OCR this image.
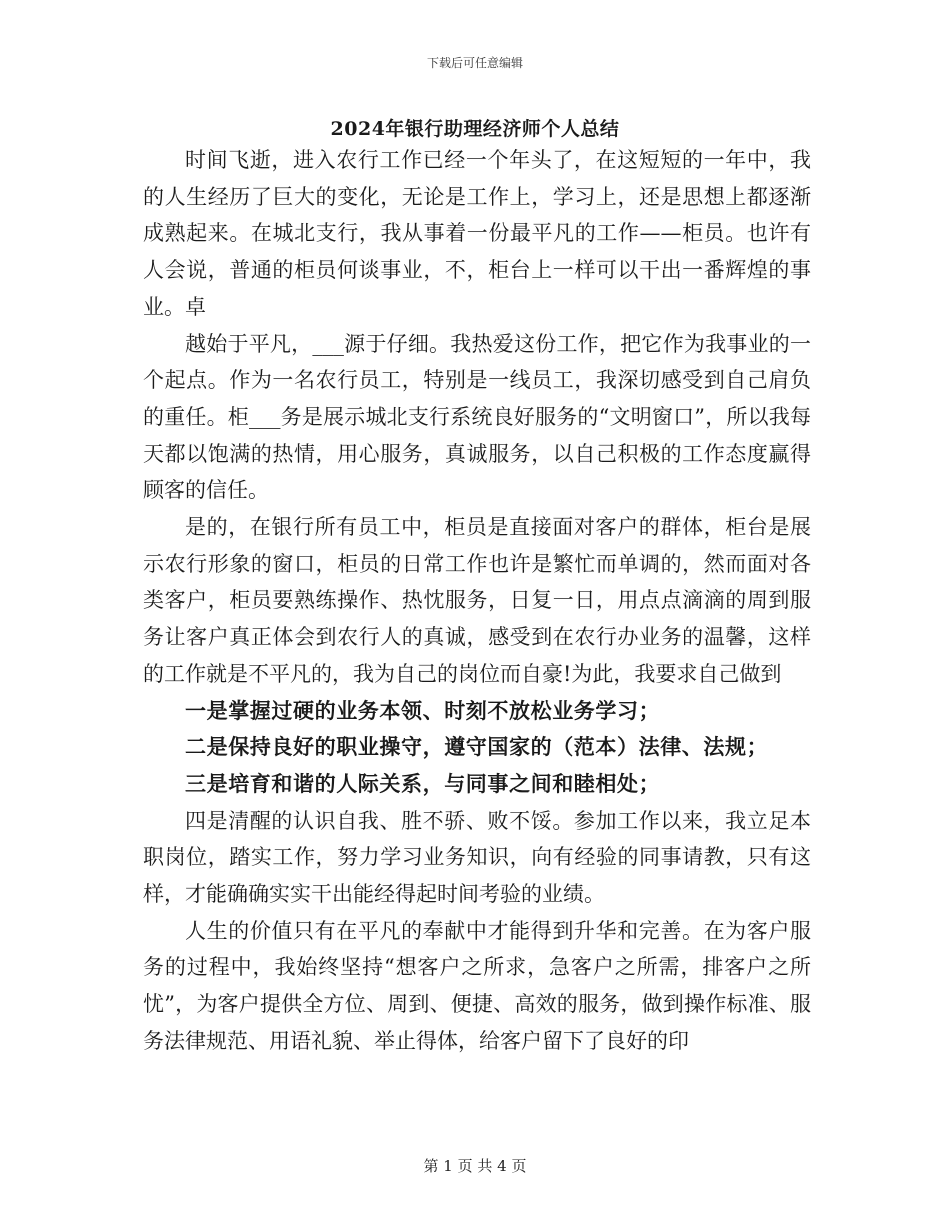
下载后可任意编辑
2024年银行助理经济师个人总结

时间飞逝，进入农行工作已经一个年头了，在这短短的一年中，我的人生经历了巨大的变化，无论是工作上，学习上，还是思想上都逐渐成熟起来。在城北支行，我从事着一份最平凡的工作——柜员。也许有人会说，普通的柜员何谈事业，不，柜台上一样可以干出一番辉煌的事业。卓

越始于平凡，___源于仔细。我热爱这份工作，把它作为我事业的一个起点。作为一名农行员工，特别是一线员工，我深切感受到自己肩负的重任。柜___务是展示城北支行系统良好服务的“文明窗口”，所以我每天都以饱满的热情，用心服务，真诚服务，以自己积极的工作态度赢得顾客的信任。

是的，在银行所有员工中，柜员是直接面对客户的群体，柜台是展示农行形象的窗口，柜员的日常工作也许是繁忙而单调的，然而面对各类客户，柜员要熟练操作、热忱服务，日复一日，用点点滴滴的周到服务让客户真正体会到农行人的真诚，感受到在农行办业务的温馨，这样的工作就是不平凡的，我为自己的岗位而自豪!为此，我要求自己做到

一是掌握过硬的业务本领、时刻不放松业务学习；

二是保持良好的职业操守，遵守国家的（范本）法律、法规；

三是培育和谐的人际关系，与同事之间和睦相处；

四是清醒的认识自我、胜不骄、败不馁。参加工作以来，我立足本职岗位，踏实工作，努力学习业务知识，向有经验的同事请教，只有这样，才能确确实实干出能经得起时间考验的业绩。

人生的价值只有在平凡的奉献中才能得到升华和完善。在为客户服务的过程中，我始终坚持“想客户之所求，急客户之所需，排客户之所忧”，为客户提供全方位、周到、便捷、高效的服务，做到操作标准、服务法律规范、用语礼貌、举止得体，给客户留下了良好的印

第 1 页 共 4 页
